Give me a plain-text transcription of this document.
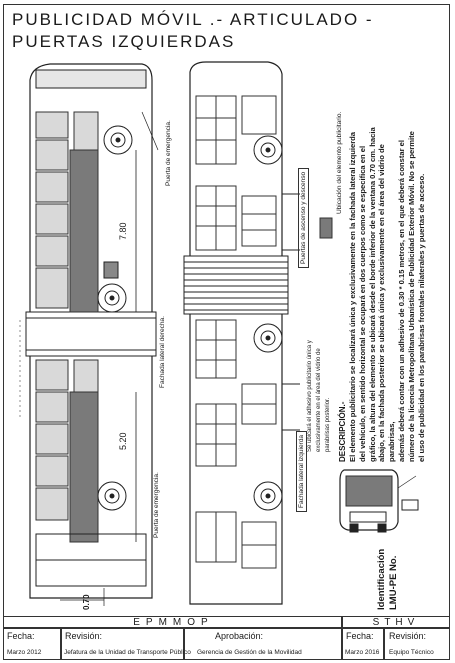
PUBLICIDAD MÓVIL .- ARTICULADO -
PUERTAS IZQUIERDAS
Puerta de emergencia.
7.80
Fachada lateral derecha.
5.20
Puerta de emergencia.
0.70
Puertas de ascenso y descenso
Fachada lateral izquierda
Se ubicará el adhesivo publicitario única y exclusivamente en el área del vidrio de parabrisas posterior.
Ubicación del elemento publicitario.
DESCRIPCIÓN.- El elemento publicitario se localizará única y exclusivamente en la fachada lateral izquierda del vehículo, en sentido horizontal se ocupará en dos cuerpos como se especifica en el gráfico, la altura del elemento se ubicará desde el borde inferior de la ventana 0.70 cm. hacia abajo, en la fachada posterior se ubicará única y exclusivamente en el área del vidrio de parabrisas, además deberá contar con un adhesivo de 0.30 * 0.15 metros, en el que deberá constar el número de la licencia Metropolitana Urbanística de Publicidad Exterior Móvil. No se permite el uso de publicidad en los parabrisas frontales nilaterales y puertas de acceso.
Identificación LMU-PE No.
EPMMOP	STHV
Fecha:
Marzo 2012
Revisión:
Jefatura de la Unidad de Transporte Público
Aprobación:
Gerencia de Gestión de la Movilidad
Fecha:
Marzo 2016
Revisión:
Equipo Técnico
